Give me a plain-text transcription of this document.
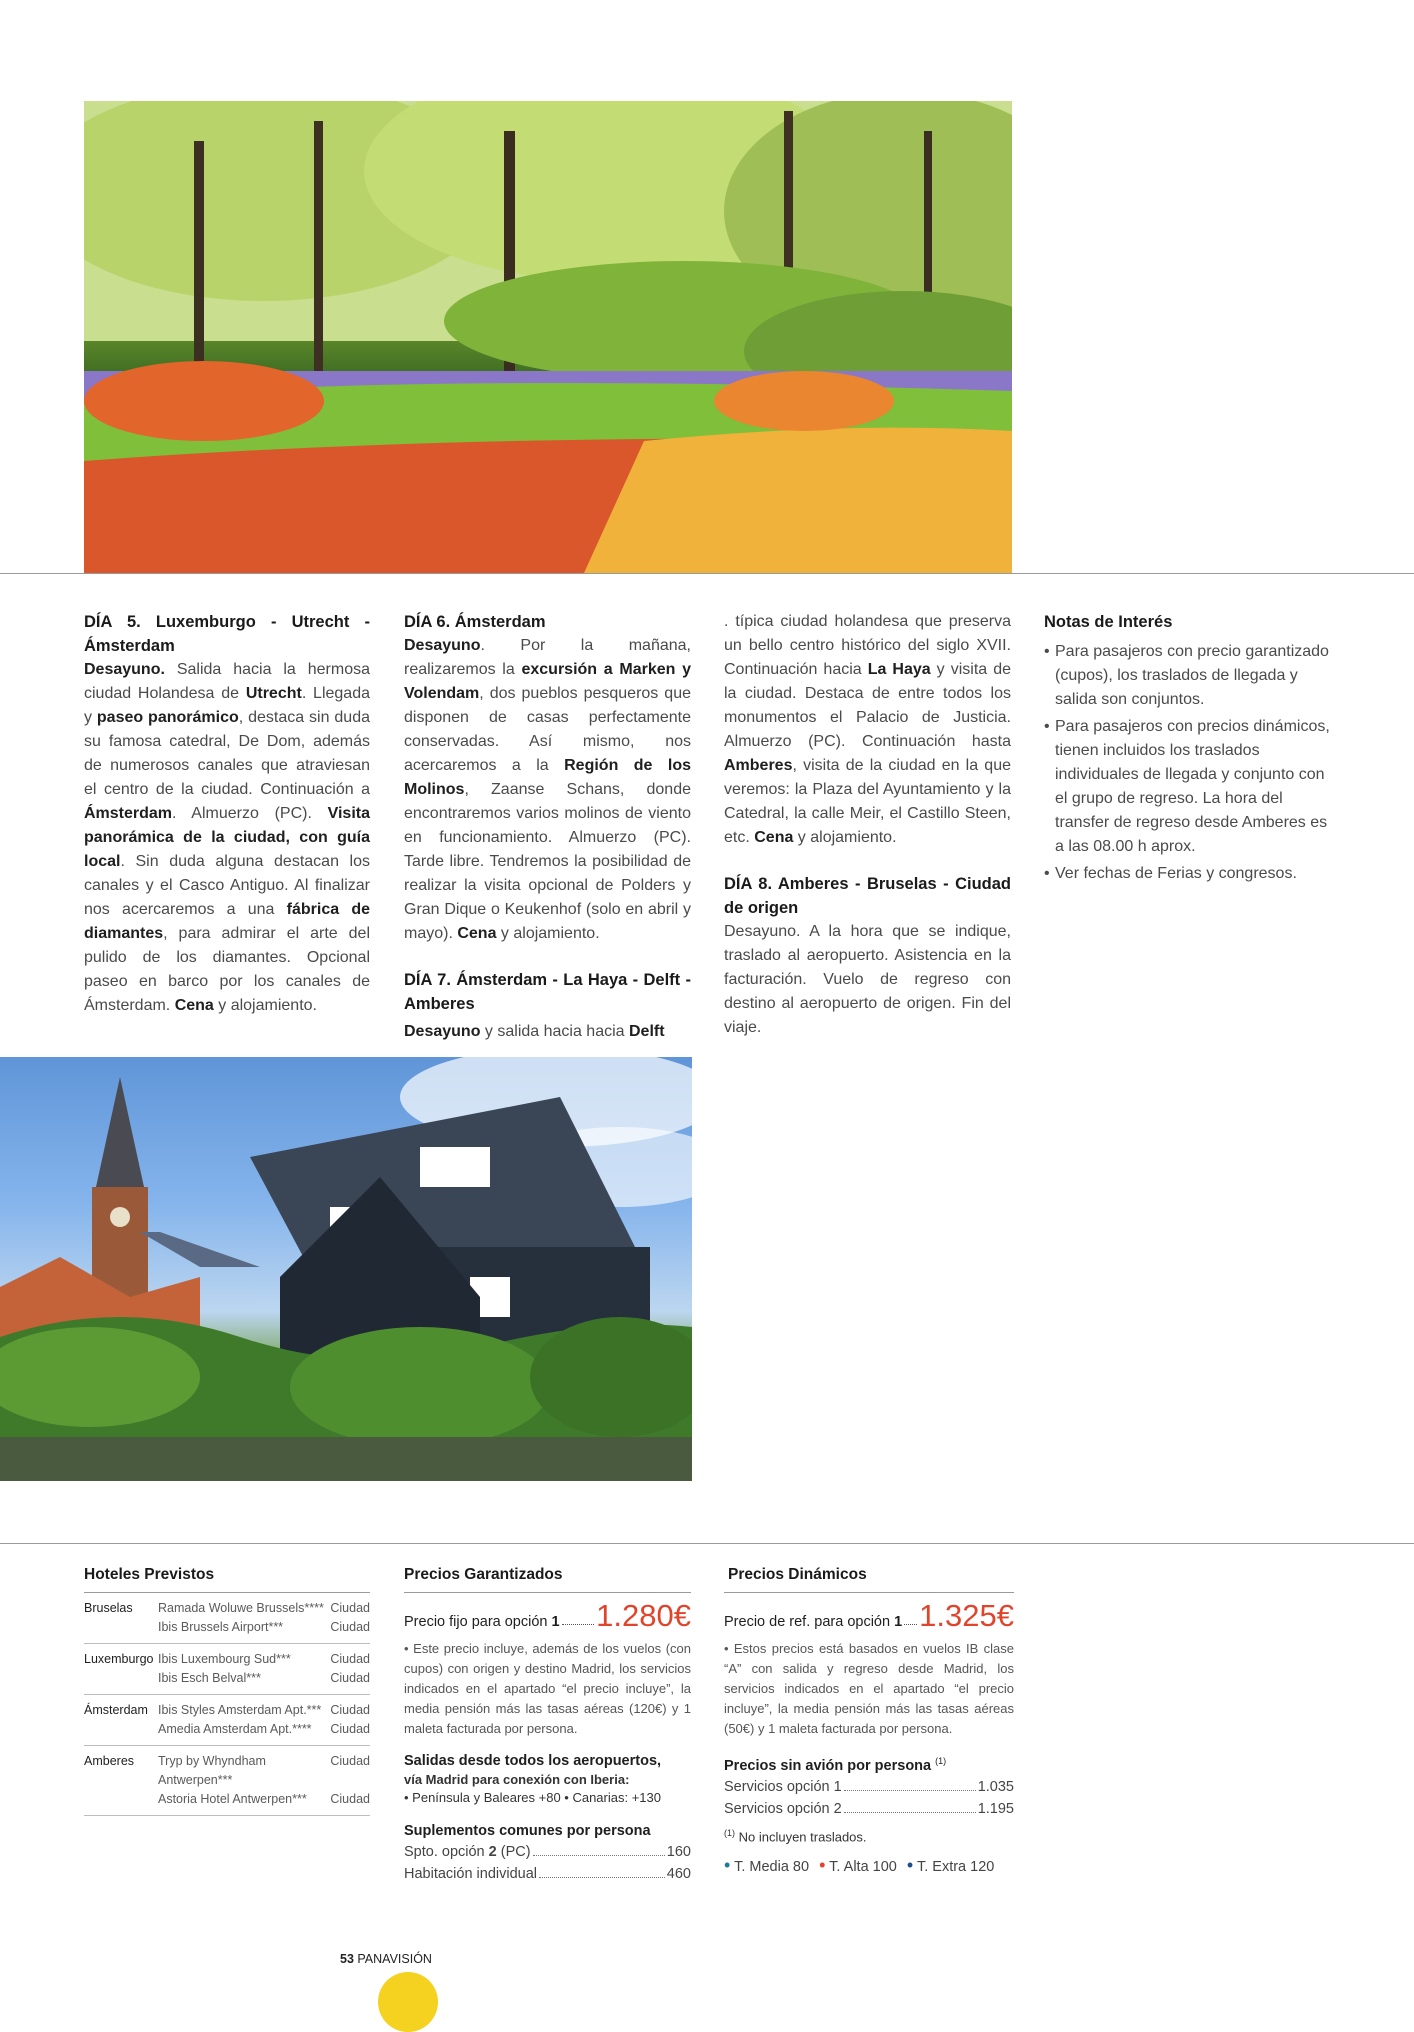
DÍA 5. Luxemburgo - Utrecht - Ámsterdam

Desayuno. Salida hacia la hermosa ciudad Holandesa de Utrecht. Llegada y paseo panorámico, destaca sin duda su famosa catedral, De Dom, además de numerosos canales que atraviesan el centro de la ciudad. Continuación a Ámsterdam. Almuerzo (PC). Visita panorámica de la ciudad, con guía local. Sin duda alguna destacan los canales y el Casco Antiguo. Al finalizar nos acercaremos a una fábrica de diamantes, para admirar el arte del pulido de los diamantes. Opcional paseo en barco por los canales de Ámsterdam. Cena y alojamiento.

DÍA 6. Ámsterdam

Desayuno. Por la mañana, realizaremos la excursión a Marken y Volendam, dos pueblos pesqueros que disponen de casas perfectamente conservadas. Así mismo, nos acercaremos a la Región de los Molinos, Zaanse Schans, donde encontraremos varios molinos de viento en funcionamiento. Almuerzo (PC). Tarde libre. Tendremos la posibilidad de realizar la visita opcional de Polders y Gran Dique o Keukenhof (solo en abril y mayo). Cena y alojamiento.

DÍA 7. Ámsterdam - La Haya - Delft - Amberes

Desayuno y salida hacia hacia Delft

. típica ciudad holandesa que preserva un bello centro histórico del siglo XVII. Continuación hacia La Haya y visita de la ciudad. Destaca de entre todos los monumentos el Palacio de Justicia. Almuerzo (PC). Continuación hasta Amberes, visita de la ciudad en la que veremos: la Plaza del Ayuntamiento y la Catedral, la calle Meir, el Castillo Steen, etc. Cena y alojamiento.

DÍA 8. Amberes - Bruselas - Ciudad de origen

Desayuno. A la hora que se indique, traslado al aeropuerto. Asistencia en la facturación. Vuelo de regreso con destino al aeropuerto de origen. Fin del viaje.

Notas de Interés

• Para pasajeros con precio garantizado (cupos), los traslados de llegada y salida son conjuntos.
• Para pasajeros con precios dinámicos, tienen incluidos los traslados individuales de llegada y conjunto con el grupo de regreso. La hora del transfer de regreso desde Amberes es a las 08.00 h aprox.
• Ver fechas de Ferias y congresos.
Hoteles Previstos
Bruselas	Ramada Woluwe Brussels****	Ciudad
	Ibis Brussels Airport***	Ciudad
Luxemburgo	Ibis Luxembourg Sud***	Ciudad
	Ibis Esch Belval***	Ciudad
Ámsterdam	Ibis Styles Amsterdam Apt.***	Ciudad
	Amedia Amsterdam Apt.****	Ciudad
Amberes	Tryp by Whyndham Antwerpen***	Ciudad
	Astoria Hotel Antwerpen***	Ciudad
Precios Garantizados
Precio fijo para opción 1 1.280€

• Este precio incluye, además de los vuelos (con cupos) con origen y destino Madrid, los servicios indicados en el apartado “el precio incluye”, la media pensión más las tasas aéreas (120€) y 1 maleta facturada por persona.

Salidas desde todos los aeropuertos,
vía Madrid para conexión con Iberia:
• Península y Baleares +80 • Canarias: +130
Suplementos comunes por persona
Spto. opción 2 (PC)	160
Habitación individual	460
Precios Dinámicos
Precio de ref. para opción 1 1.325€

• Estos precios está basados en vuelos IB clase “A” con salida y regreso desde Madrid, los servicios indicados en el apartado “el precio incluye”, la media pensión más las tasas aéreas (50€) y 1 maleta facturada por persona.

Precios sin avión por persona $^{(1)}$
Servicios opción 1	1.035
Servicios opción 2	1.195
$^{(1)}$ No incluyen traslados.
• T. Media 80 • T. Alta 100 • T. Extra 120
53 PANAVISIÓN
